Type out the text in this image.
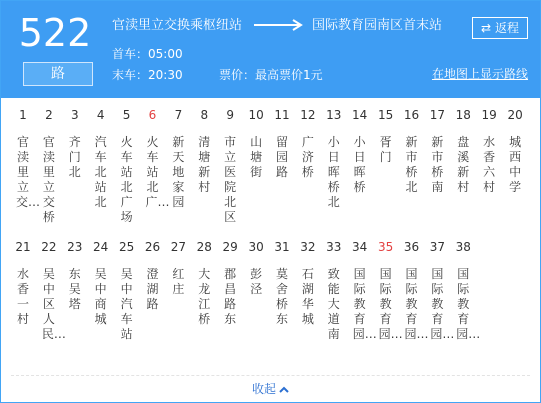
522
路
官渎里立交换乘枢纽站	国际教育园南区首末站	⇄ 返程
首车：05:00
末车：20:30	票价：最高票价1元	在地图上显示路线
1
官渎里立交…
2
官渎里立交桥
3
齐门北
4
汽车北站北
5
火车站北广场
6
火车站北广…
7
新天地家园
8
清塘新村
9
市立医院北区
10
山塘街
11
留园路
12
广济桥
13
小日晖桥北
14
小日晖桥
15
胥门
16
新市桥北
17
新市桥南
18
盘溪新村
19
水香六村
20
城西中学
21
水香一村
22
吴中区人民…
23
东吴塔
24
吴中商城
25
吴中汽车站
26
澄湖路
27
红庄
28
大龙江桥
29
郡昌路东
30
彭泾
31
莫舍桥东
32
石湖华城
33
致能大道南
34
国际教育园…
35
国际教育园…
36
国际教育园…
37
国际教育园…
38
国际教育园…
收起
